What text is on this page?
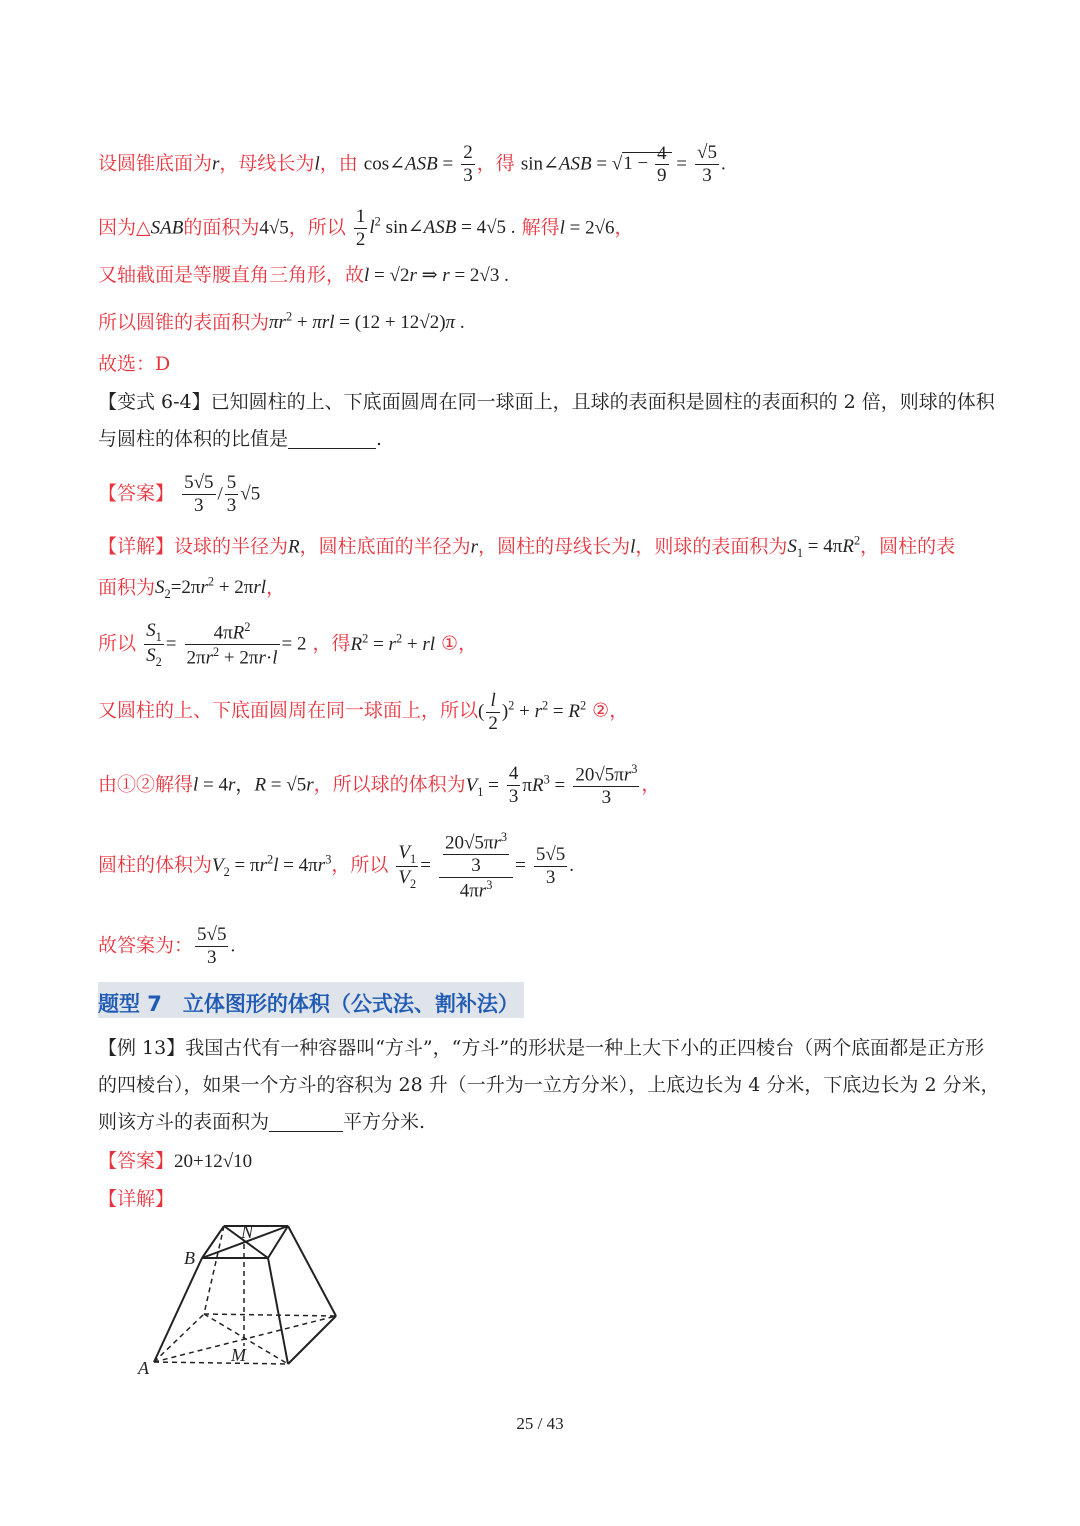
设圆锥底面为r，母线长为l，由 cos∠ASB = $\frac{2}{3}$ ，得 sin∠ASB = $√1 - \frac{4}{9} = \frac{√5}{3}$ .
因为△SAB的面积为4√5，所以 $\frac{1}{2} l^2$ sin∠ASB = 4√5 . 解得l = 2√6，
又轴截面是等腰直角三角形，故l = √2r ⇒ r = 2√3 .
所以圆锥的表面积为$\pi r^2 + \pi rl = (12 + 12√2)\pi$ .
故选：D
【变式 6-4】已知圆柱的上、下底面圆周在同一球面上，且球的表面积是圆柱的表面积的 2 倍，则球的体积
与圆柱的体积的比值是	.
【答案】 $\frac{5√5}{3} / \frac{5}{3} √5$
【详解】设球的半径为R，圆柱底面的半径为r，圆柱的母线长为l，则球的表面积为$S_1 = 4\pi R^2$，圆柱的表
面积为$S_2=2\pi r^2 + 2\pi rl$，
所以 $\frac{S_1}{S_2} = \frac{4\pi R^2}{2\pi r^2 + 2\pi r\cdot l} = 2$ ，得$R^2 = r^2$ + rl ①，
又圆柱的上、下底面圆周在同一球面上，所以( $\frac{l}{2} )^2 + r^2 = R^2$ ②，
由①②解得l = 4r，R = √5r，所以球的体积为$V_1 = \frac{4}{3} \pi R^3 = \frac{20√5\pi r^3}{3}$ ，
圆柱的体积为$V_2 = \pi r^2l = 4\pi r^3$，所以 $\frac{V_1}{V_2} = \frac{\frac{20√5\pi r^3}{3}}{4\pi r^3} = \frac{5√5}{3}$ .
故答案为： $\frac{5√5}{3}$ .
题型 7　立体图形的体积（公式法、割补法）
【例 13】我国古代有一种容器叫“方斗”，“方斗”的形状是一种上大下小的正四棱台（两个底面都是正方形
的四棱台），如果一个方斗的容积为 28 升（一升为一立方分米），上底边长为 4 分米，下底边长为 2 分米，
则该方斗的表面积为	平方分米.
【答案】20+12√10
【详解】
N
B
M
A
25 / 43
